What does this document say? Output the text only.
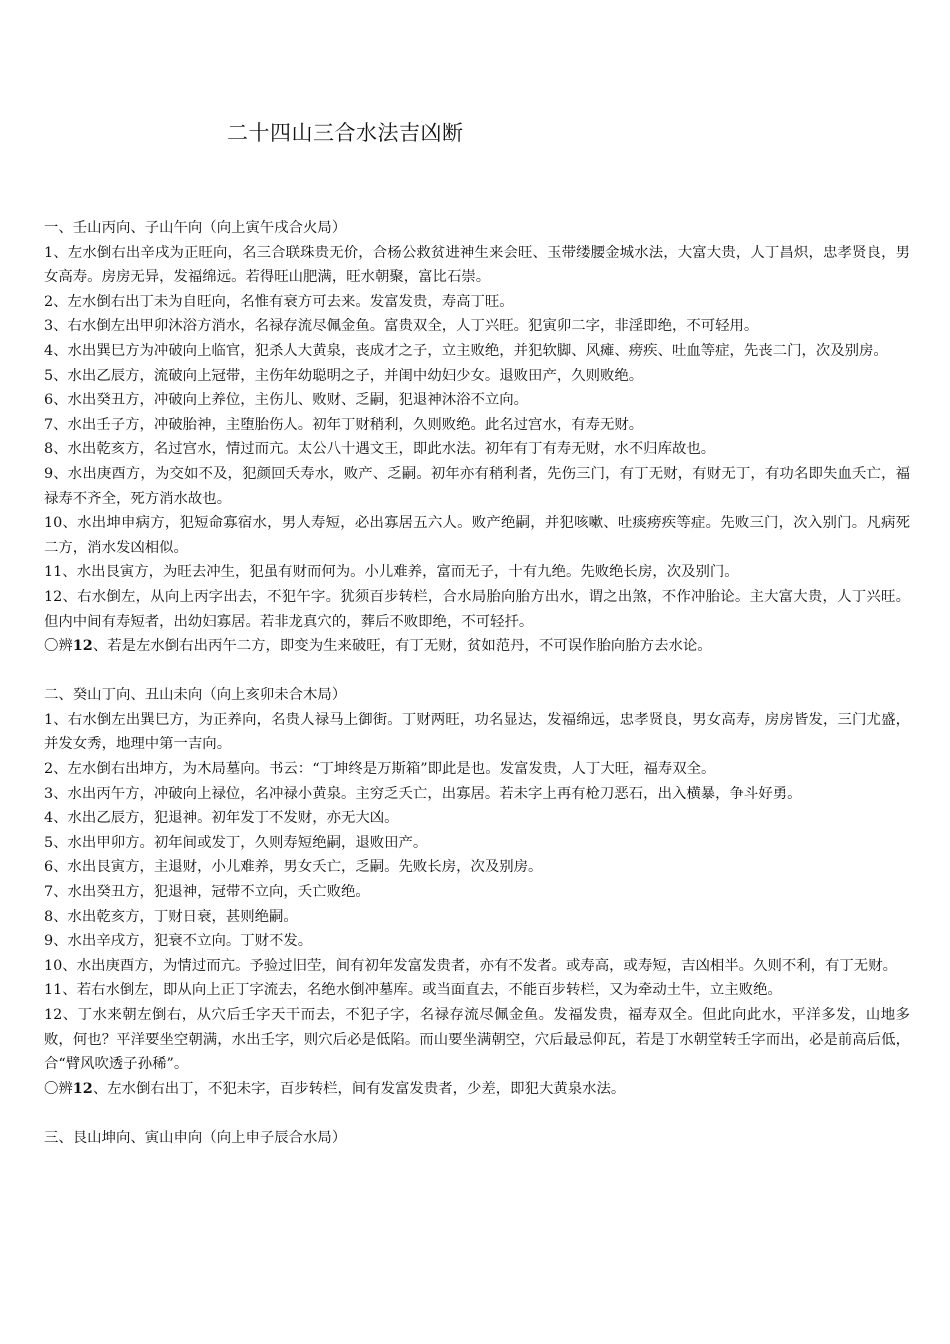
二十四山三合水法吉凶断

一、壬山丙向、子山午向（向上寅午戌合火局）

1、左水倒右出辛戌为正旺向，名三合联珠贵无价，合杨公救贫进神生来会旺、玉带缕腰金城水法，大富大贵，人丁昌炽，忠孝贤良，男女高寿。房房无异，发福绵远。若得旺山肥满，旺水朝聚，富比石崇。

2、左水倒右出丁未为自旺向，名惟有衰方可去来。发富发贵，寿高丁旺。

3、右水倒左出甲卯沐浴方消水，名禄存流尽佩金鱼。富贵双全，人丁兴旺。犯寅卯二字，非淫即绝，不可轻用。

4、水出巽巳方为冲破向上临官，犯杀人大黄泉，丧成才之子，立主败绝，并犯软脚、风瘫、痨疾、吐血等症，先丧二门，次及别房。

5、水出乙辰方，流破向上冠带，主伤年幼聪明之子，并闺中幼妇少女。退败田产，久则败绝。

6、水出癸丑方，冲破向上养位，主伤儿、败财、乏嗣，犯退神沐浴不立向。

7、水出壬子方，冲破胎神，主堕胎伤人。初年丁财稍利，久则败绝。此名过宫水，有寿无财。

8、水出乾亥方，名过宫水，情过而亢。太公八十遇文王，即此水法。初年有丁有寿无财，水不归库故也。

9、水出庚酉方，为交如不及，犯颜回夭寿水，败产、乏嗣。初年亦有稍利者，先伤三门，有丁无财，有财无丁，有功名即失血夭亡，福禄寿不齐全，死方消水故也。

10、水出坤申病方，犯短命寡宿水，男人寿短，必出寡居五六人。败产绝嗣，并犯咳嗽、吐痰痨疾等症。先败三门，次入别门。凡病死二方，消水发凶相似。

11、水出艮寅方，为旺去冲生，犯虽有财而何为。小儿难养，富而无子，十有九绝。先败绝长房，次及别门。

12、右水倒左，从向上丙字出去，不犯午字。犹须百步转栏，合水局胎向胎方出水，谓之出煞，不作冲胎论。主大富大贵，人丁兴旺。但内中间有寿短者，出幼妇寡居。若非龙真穴的，葬后不败即绝，不可轻扦。

〇辨12、若是左水倒右出丙午二方，即变为生来破旺，有丁无财，贫如范丹，不可误作胎向胎方去水论。

二、癸山丁向、丑山未向（向上亥卯未合木局）

1、右水倒左出巽巳方，为正养向，名贵人禄马上御街。丁财两旺，功名显达，发福绵远，忠孝贤良，男女高寿，房房皆发，三门尤盛，并发女秀，地理中第一吉向。

2、左水倒右出坤方，为木局墓向。书云：“丁坤终是万斯箱”即此是也。发富发贵，人丁大旺，福寿双全。

3、水出丙午方，冲破向上禄位，名冲禄小黄泉。主穷乏夭亡，出寡居。若未字上再有枪刀恶石，出入横暴，争斗好勇。

4、水出乙辰方，犯退神。初年发丁不发财，亦无大凶。

5、水出甲卯方。初年间或发丁，久则寿短绝嗣，退败田产。

6、水出艮寅方，主退财，小儿难养，男女夭亡，乏嗣。先败长房，次及别房。

7、水出癸丑方，犯退神，冠带不立向，夭亡败绝。

8、水出乾亥方，丁财日衰，甚则绝嗣。

9、水出辛戌方，犯衰不立向。丁财不发。

10、水出庚酉方，为情过而亢。予验过旧茔，间有初年发富发贵者，亦有不发者。或寿高，或寿短，吉凶相半。久则不利，有丁无财。

11、若右水倒左，即从向上正丁字流去，名绝水倒冲墓库。或当面直去，不能百步转栏，又为牵动土牛，立主败绝。

12、丁水来朝左倒右，从穴后壬字天干而去，不犯子字，名禄存流尽佩金鱼。发福发贵，福寿双全。但此向此水，平洋多发，山地多败，何也？平洋要坐空朝满，水出壬字，则穴后必是低陷。而山要坐满朝空，穴后最忌仰瓦，若是丁水朝堂转壬字而出，必是前高后低，合“臂风吹透子孙稀”。

〇辨12、左水倒右出丁，不犯未字，百步转栏，间有发富发贵者，少差，即犯大黄泉水法。

三、艮山坤向、寅山申向（向上申子辰合水局）
